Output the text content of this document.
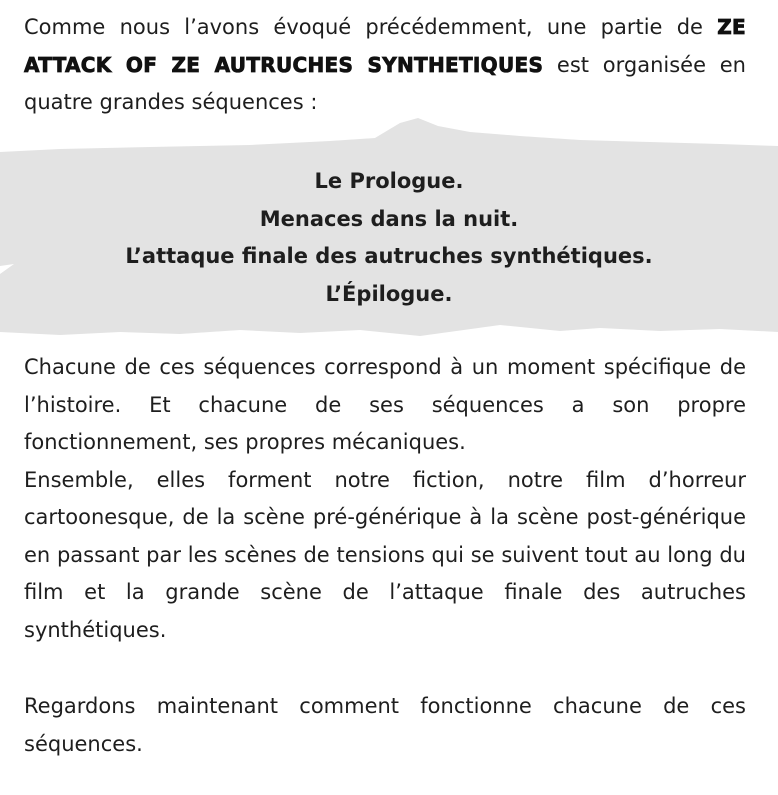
Comme nous l’avons évoqué précédemment, une partie de ZE ATTACK OF ZE AUTRUCHES SYNTHETIQUES est organisée en quatre grandes séquences :

Le Prologue.
Menaces dans la nuit.
L’attaque finale des autruches synthétiques.
L’Épilogue.
Chacune de ces séquences correspond à un moment spécifique de l’histoire. Et chacune de ses séquences a son propre fonctionnement, ses propres mécaniques.
Ensemble, elles forment notre fiction, notre film d’horreur cartoonesque, de la scène pré-générique à la scène post-générique en passant par les scènes de tensions qui se suivent tout au long du film et la grande scène de l’attaque finale des autruches synthétiques.

Regardons maintenant comment fonctionne chacune de ces séquences.
